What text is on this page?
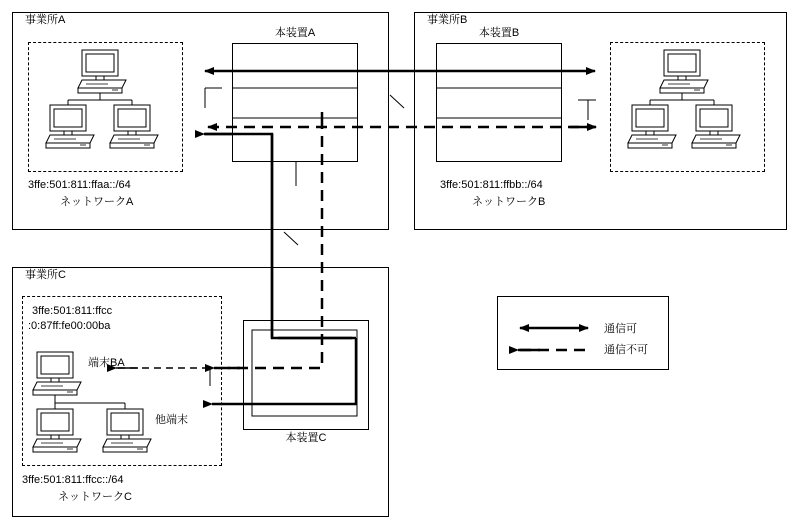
事業所A	事業所B
事業所C
本装置A	本装置B
本装置C
通信可
通信不可
3ffe:501:811:ffaa::/64
ネットワークA
3ffe:501:811:ffbb::/64
ネットワークB
3ffe:501:811:ffcc::/64
ネットワークC
3ffe:501:811:ffcc
:0:87ff:fe00:00ba
端末BA
他端末
